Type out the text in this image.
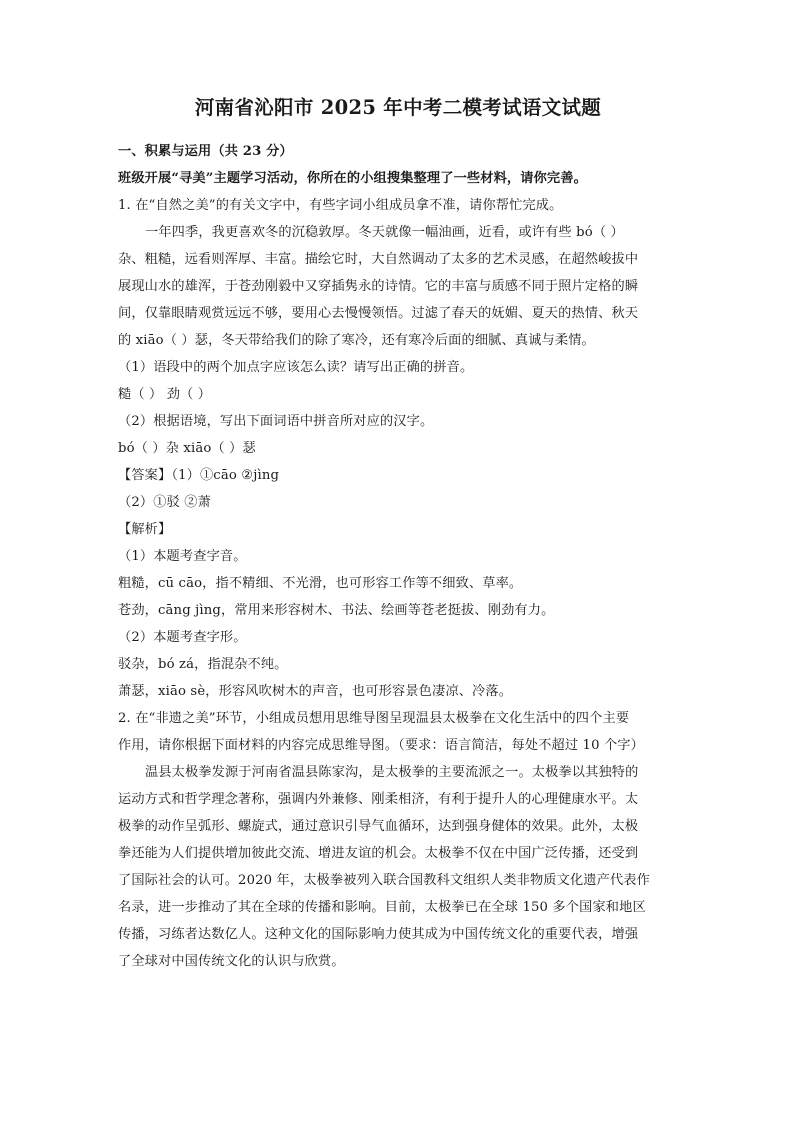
河南省沁阳市 2025 年中考二模考试语文试题

一、积累与运用（共 23 分）

班级开展“寻美”主题学习活动，你所在的小组搜集整理了一些材料，请你完善。

1. 在“自然之美”的有关文字中，有些字词小组成员拿不准，请你帮忙完成。

一年四季，我更喜欢冬的沉稳敦厚。冬天就像一幅油画，近看，或许有些 bó（ ）

杂、粗糙，远看则浑厚、丰富。描绘它时，大自然调动了太多的艺术灵感，在超然峻拔中

展现山水的雄浑，于苍劲刚毅中又穿插隽永的诗情。它的丰富与质感不同于照片定格的瞬

间，仅靠眼睛观赏远远不够，要用心去慢慢领悟。过滤了春天的妩媚、夏天的热情、秋天

的 xiāo（ ）瑟，冬天带给我们的除了寒冷，还有寒冷后面的细腻、真诚与柔情。

（1）语段中的两个加点字应该怎么读？请写出正确的拼音。

糙（ ） 劲（ ）

（2）根据语境，写出下面词语中拼音所对应的汉字。

bó（ ）杂 xiāo（ ）瑟

【答案】（1）①cāo ②jìng

（2）①驳 ②萧

【解析】

（1）本题考查字音。

粗糙，cū cāo，指不精细、不光滑，也可形容工作等不细致、草率。

苍劲，cāng jìng，常用来形容树木、书法、绘画等苍老挺拔、刚劲有力。

（2）本题考查字形。

驳杂，bó zá，指混杂不纯。

萧瑟，xiāo sè，形容风吹树木的声音，也可形容景色凄凉、冷落。

2. 在“非遗之美”环节，小组成员想用思维导图呈现温县太极拳在文化生活中的四个主要

作用，请你根据下面材料的内容完成思维导图。（要求：语言简洁，每处不超过 10 个字）

温县太极拳发源于河南省温县陈家沟，是太极拳的主要流派之一。太极拳以其独特的

运动方式和哲学理念著称，强调内外兼修、刚柔相济，有利于提升人的心理健康水平。太

极拳的动作呈弧形、螺旋式，通过意识引导气血循环，达到强身健体的效果。此外，太极

拳还能为人们提供增加彼此交流、增进友谊的机会。太极拳不仅在中国广泛传播，还受到

了国际社会的认可。2020 年，太极拳被列入联合国教科文组织人类非物质文化遗产代表作

名录，进一步推动了其在全球的传播和影响。目前，太极拳已在全球 150 多个国家和地区

传播，习练者达数亿人。这种文化的国际影响力使其成为中国传统文化的重要代表，增强

了全球对中国传统文化的认识与欣赏。
